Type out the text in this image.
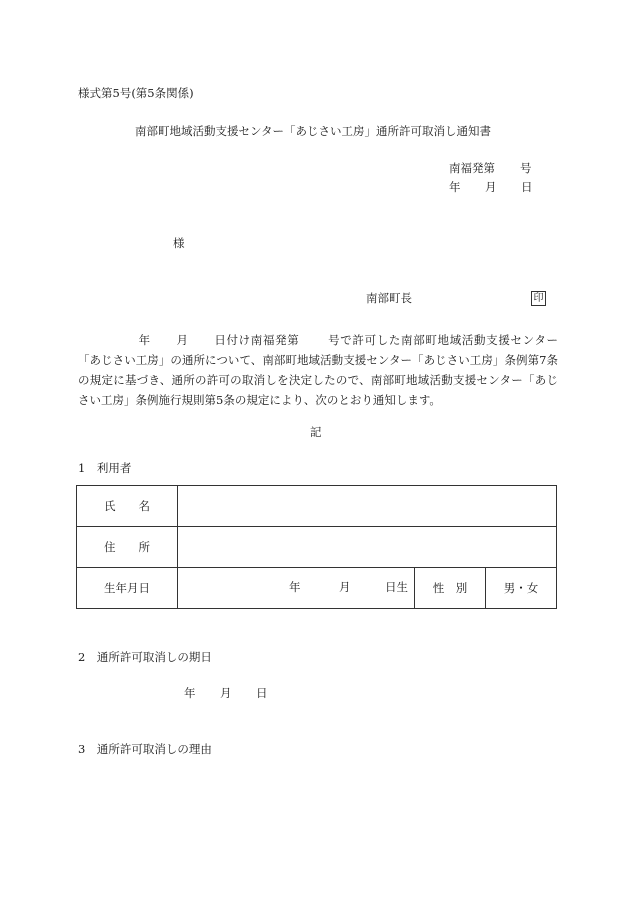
様式第5号(第5条関係)
南部町地域活動支援センター「あじさい工房」通所許可取消し通知書
南福発第 号
年 月 日
様
南部町長	印
年 月 日付け南福発第 号で許可した南部町地域活動支援センター「あじさい工房」の通所について、南部町地域活動支援センター「あじさい工房」条例第7条の規定に基づき、通所の許可の取消しを決定したので、南部町地域活動支援センター「あじさい工房」条例施行規則第5条の規定により、次のとおり通知します。
記
1　利用者
氏　　名			
住　　所			
生年月日	年 月 日生	性　別	男・女
2　通所許可取消しの期日
年 月 日
3　通所許可取消しの理由
